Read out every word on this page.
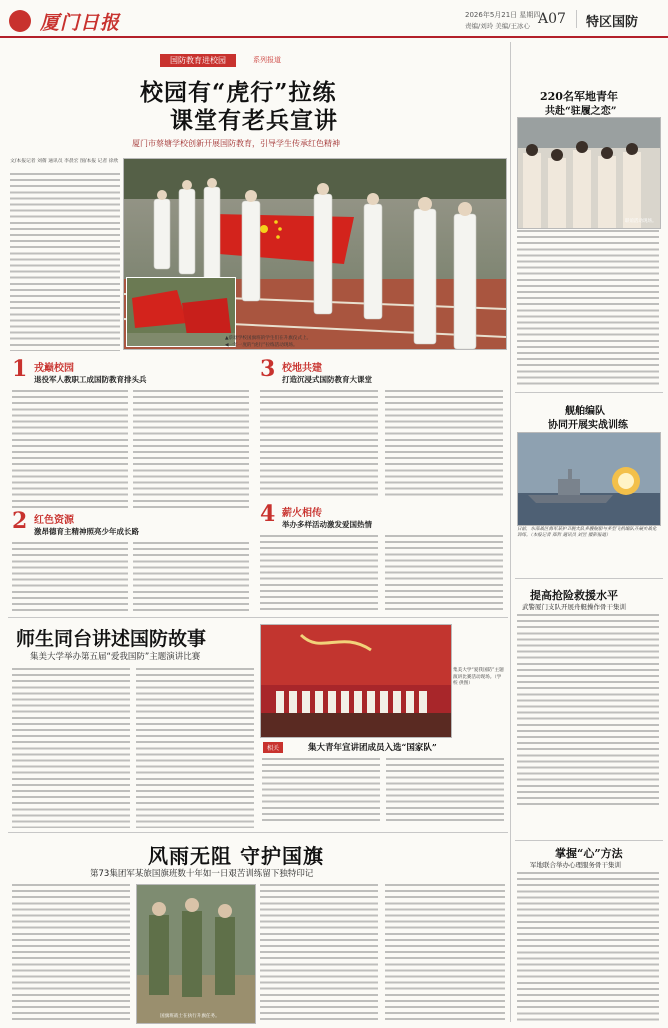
厦门日报	2026年5月21日 星期四
责编/刘玲 美编/王冰心 A07 特区国防
国防教育进校园	系列报道
校园有“虎行”拉练
课堂有老兵宣讲
厦门市蔡塘学校创新开展国防教育，引导学生传承红色精神
文/本报记者 刘蒨 通讯员 李晨宏 图/本报 记者 徐欣
▲蔡塘学校国旗班的学生们在升旗仪式上。
◀一年一度的“虎行”拉练活动现场。
1 戎巅校园
退役军人教职工成国防教育排头兵
2 红色资源
激昂德育主精神照亮少年成长路
3 校地共建
打造沉浸式国防教育大课堂
4 薪火相传
举办多样活动激发爱国热情
220名军地青年
共赴“驻履之恋”
联谊活动现场。
舰舶编队
协同开展实战训练
日前，东部战区海军某护卫舰大队多艘舰船与多型飞机编队开展实战化训练。（本报记者 郑哲 通讯员 刘昱 摄影报道）
提高抢险救援水平
武警厦门支队开展舟艇操作骨干集训
掌握“心”方法
军地联合举办心理服务骨干集训
师生同台讲述国防故事
集美大学举办第五届“爱我国防”主题演讲比赛
集美大学“爱我国防”主题演讲比赛活动现场。（学校 供图）
相关	集大青年宣讲团成员入选“国家队”
风雨无阻 守护国旗
第73集团军某旅国旗班数十年如一日艰苦训练留下独特印记
国旗班战士在执行升旗任务。
